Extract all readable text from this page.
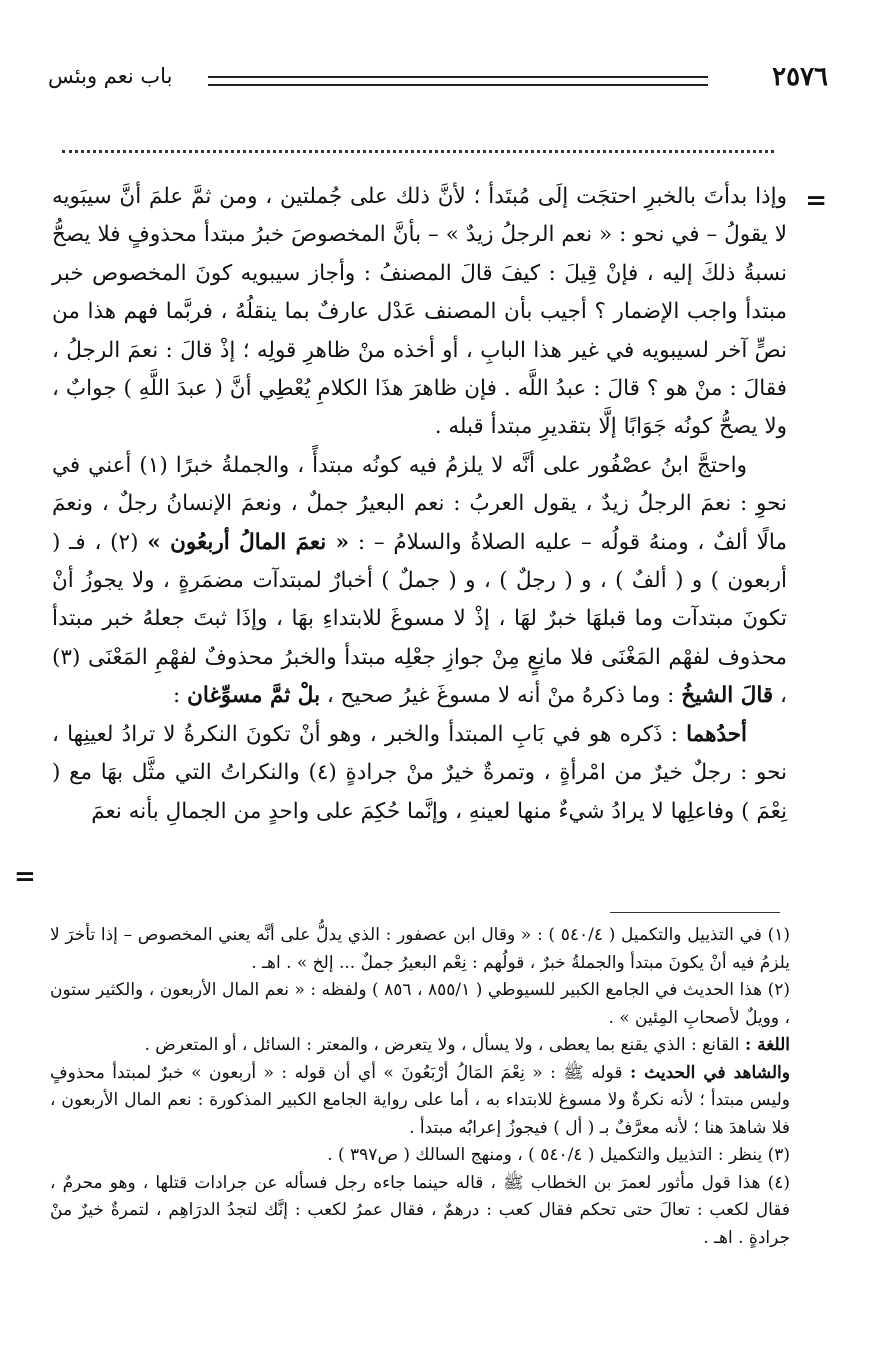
٢٥٧٦
باب نعم وبئس
=
=

وإذا بدأتَ بالخبرِ احتجَت إلَى مُبتَدأ ؛ لأنَّ ذلك على جُملتين ، ومن ثمَّ علمَ أنَّ سيبَويه لا يقولُ – في نحو : « نعم الرجلُ زيدٌ » – بأنَّ المخصوصَ خبرُ مبتدأ محذوفٍ فلا يصحُّ نسبةُ ذلكَ إليه ، فإنْ قِيلَ : كيفَ قالَ المصنفُ : وأجاز سيبويه كونَ المخصوص خبر مبتدأ واجب الإضمار ؟ أجيب بأن المصنف عَدْل عارفٌ بما ينقلُهُ ، فربَّما فهم هذا من نصٍّ آخر لسيبويه في غير هذا البابِ ، أو أخذه منْ ظاهرِ قولِه ؛ إذْ قالَ : نعمَ الرجلُ ، فقالَ : منْ هو ؟ قالَ : عبدُ اللَّه . فإن ظاهرَ هذَا الكلامِ يُعْطِي أنَّ ( عبدَ اللَّهِ ) جوابٌ ، ولا يصحُّ كونُه جَوَابًا إلَّا بتقديرِ مبتدأ قبله .

واحتجَّ ابنُ عصْفُور على أنَّه لا يلزمُ فيه كونُه مبتدأً ، والجملةُ خبرًا (١) أعني في نحوِ : نعمَ الرجلُ زيدٌ ، يقول العربُ : نعم البعيرُ جملٌ ، ونعمَ الإنسانُ رجلٌ ، ونعمَ مالًا ألفٌ ، ومنهُ قولُه – عليه الصلاةُ والسلامُ – : « نعمَ المالُ أربعُون » (٢) ، فـ ( أربعون ) و ( ألفٌ ) ، و ( رجلٌ ) ، و ( جملٌ ) أخبارٌ لمبتدآت مضمَرةٍ ، ولا يجوزُ أنْ تكونَ مبتدآت وما قبلهَا خبرٌ لهَا ، إذْ لا مسوغَ للابتداءِ بهَا ، وإذَا ثبتَ جعلهُ خبر مبتدأ محذوف لفهْم المَغْنَى فلا مانِعٍ مِنْ جوازِ جعْلِه مبتدأ والخبرُ محذوفٌ لفهْمِ المَعْنَى (٣) ، قالَ الشيخُ : وما ذكرهُ منْ أنه لا مسوغَ غيرُ صحيح ، بلْ ثمَّ مسوِّغان :

أحدُهما : ذَكره هو في بَابِ المبتدأ والخبر ، وهو أنْ تكونَ النكرةُ لا ترادُ لعينِها ، نحو : رجلٌ خيرٌ من امْرأةٍ ، وتمرةٌ خيرٌ منْ جرادةٍ (٤) والنكراتُ التي مثَّل بهَا مع ( نِعْمَ ) وفاعلِها لا يرادُ شيءٌ منها لعينهِ ، وإنَّما حُكِمَ على واحدٍ من الجمالِ بأنه نعمَ

(١) في التذييل والتكميل ( ٥٤٠/٤ ) : « وقال ابن عصفور : الذي يدلُّ على أنَّه يعني المخصوص – إذا تأخرَ لا يلزمُ فيه أنْ يكونَ مبتدأ والجملةُ خبرٌ ، قولُهم : نِعْم البعيرُ جملٌ ... إلخ » . اهـ .

(٢) هذا الحديث في الجامع الكبير للسيوطي ( ٨٥٥/١ ، ٨٥٦ ) ولفظه : « نعم المال الأربعون ، والكثير ستون ، وويلٌ لأصحابِ المِئين » .

اللغة : القانع : الذي يقنع بما يعطى ، ولا يسأل ، ولا يتعرض ، والمعتر : السائل ، أو المتعرض .

والشاهد في الحديث : قوله ﷺ : « نِعْمَ المَالُ أرْبَعُونَ » أي أن قوله : « أربعون » خبرٌ لمبتدأ محذوفٍ وليس مبتدأ ؛ لأنه نكرةٌ ولا مسوغ للابتداء به ، أما على رواية الجامع الكبير المذكورة : نعم المال الأربعون ، فلا شاهدَ هنا ؛ لأنه معرَّفٌ بـ ( أل ) فيجوزُ إعرابُه مبتدأ .

(٣) ينظر : التذييل والتكميل ( ٥٤٠/٤ ) ، ومنهج السالك ( ص٣٩٧ ) .

(٤) هذا قول مأثور لعمرَ بن الخطاب ﷺ ، قاله حينما جاءه رجل فسأله عن جرادات قتلها ، وهو محرمٌ ، فقال لكعب : تعالَ حتى تحكم فقال كعب : درهمٌ ، فقال عمرُ لكعب : إنَّك لتجدُ الدرَاهِم ، لتمرةٌ خيرٌ منْ جرادةٍ . اهـ .
